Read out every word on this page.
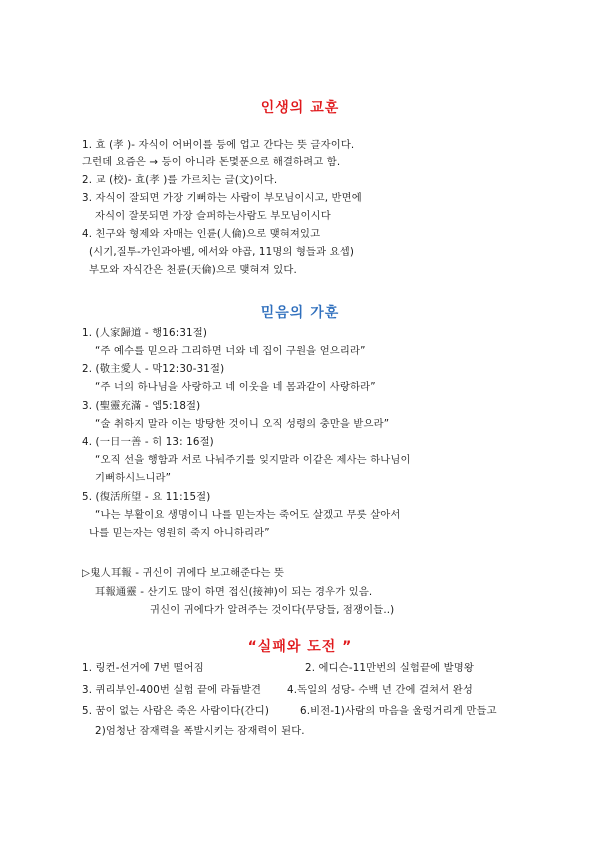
인생의 교훈
1. 효 (孝 )- 자식이 어버이를 등에 업고 간다는 뜻 글자이다.
그런데 요즘은 → 등이 아니라 돈몇푼으로 해결하려고 함.
2. 교 (校)- 효(孝 )를 가르치는 글(文)이다.
3. 자식이 잘되면 가장 기뻐하는 사람이 부모님이시고, 반면에
자식이 잘못되면 가장 슬퍼하는사람도 부모님이시다
4. 친구와 형제와 자매는 인륜(人倫)으로 맺혀져있고
(시기,질투-가인과아벨, 에서와 야곱, 11명의 형들과 요셉)
부모와 자식간은 천륜(天倫)으로 맺혀져 있다.
믿음의 가훈
1. (人家歸道 - 행16:31절)
“주 예수를 믿으라 그리하면 너와 네 집이 구원을 얻으리라”
2. (敬主愛人 - 막12:30-31절)
“주 너의 하나님을 사랑하고 네 이웃을 네 몸과같이 사랑하라”
3. (聖靈充滿 - 엡5:18절)
“술 취하지 말라 이는 방탕한 것이니 오직 성령의 충만을 받으라”
4. (一日一善 - 히 13: 16절)
“오직 선을 행함과 서로 나눠주기를 잊지말라 이같은 제사는 하나님이
기뻐하시느니라”
5. (復活所望 - 요 11:15절)
“나는 부활이요 생명이니 나를 믿는자는 죽어도 살겠고 무릇 살아서
나를 믿는자는 영원히 죽지 아니하리라”
▷鬼人耳報 - 귀신이 귀에다 보고해준다는 뜻
耳報通靈 - 산기도 많이 하면 접신(接神)이 되는 경우가 있음.
귀신이 귀에다가 알려주는 것이다(무당들, 점쟁이들..)
“실패와 도전 ”
1. 링컨-선거에 7번 떨어짐	2. 에디슨-11만번의 실험끝에 발명왕
3. 퀴리부인-400번 실험 끝에 라듐발견	4.독일의 성당- 수백 년 간에 걸쳐서 완성
5. 꿈이 없는 사람은 죽은 사람이다(간디)	6.비전-1)사람의 마음을 울렁거리게 만들고
2)엄청난 잠재력을 폭발시키는 잠재력이 된다.
